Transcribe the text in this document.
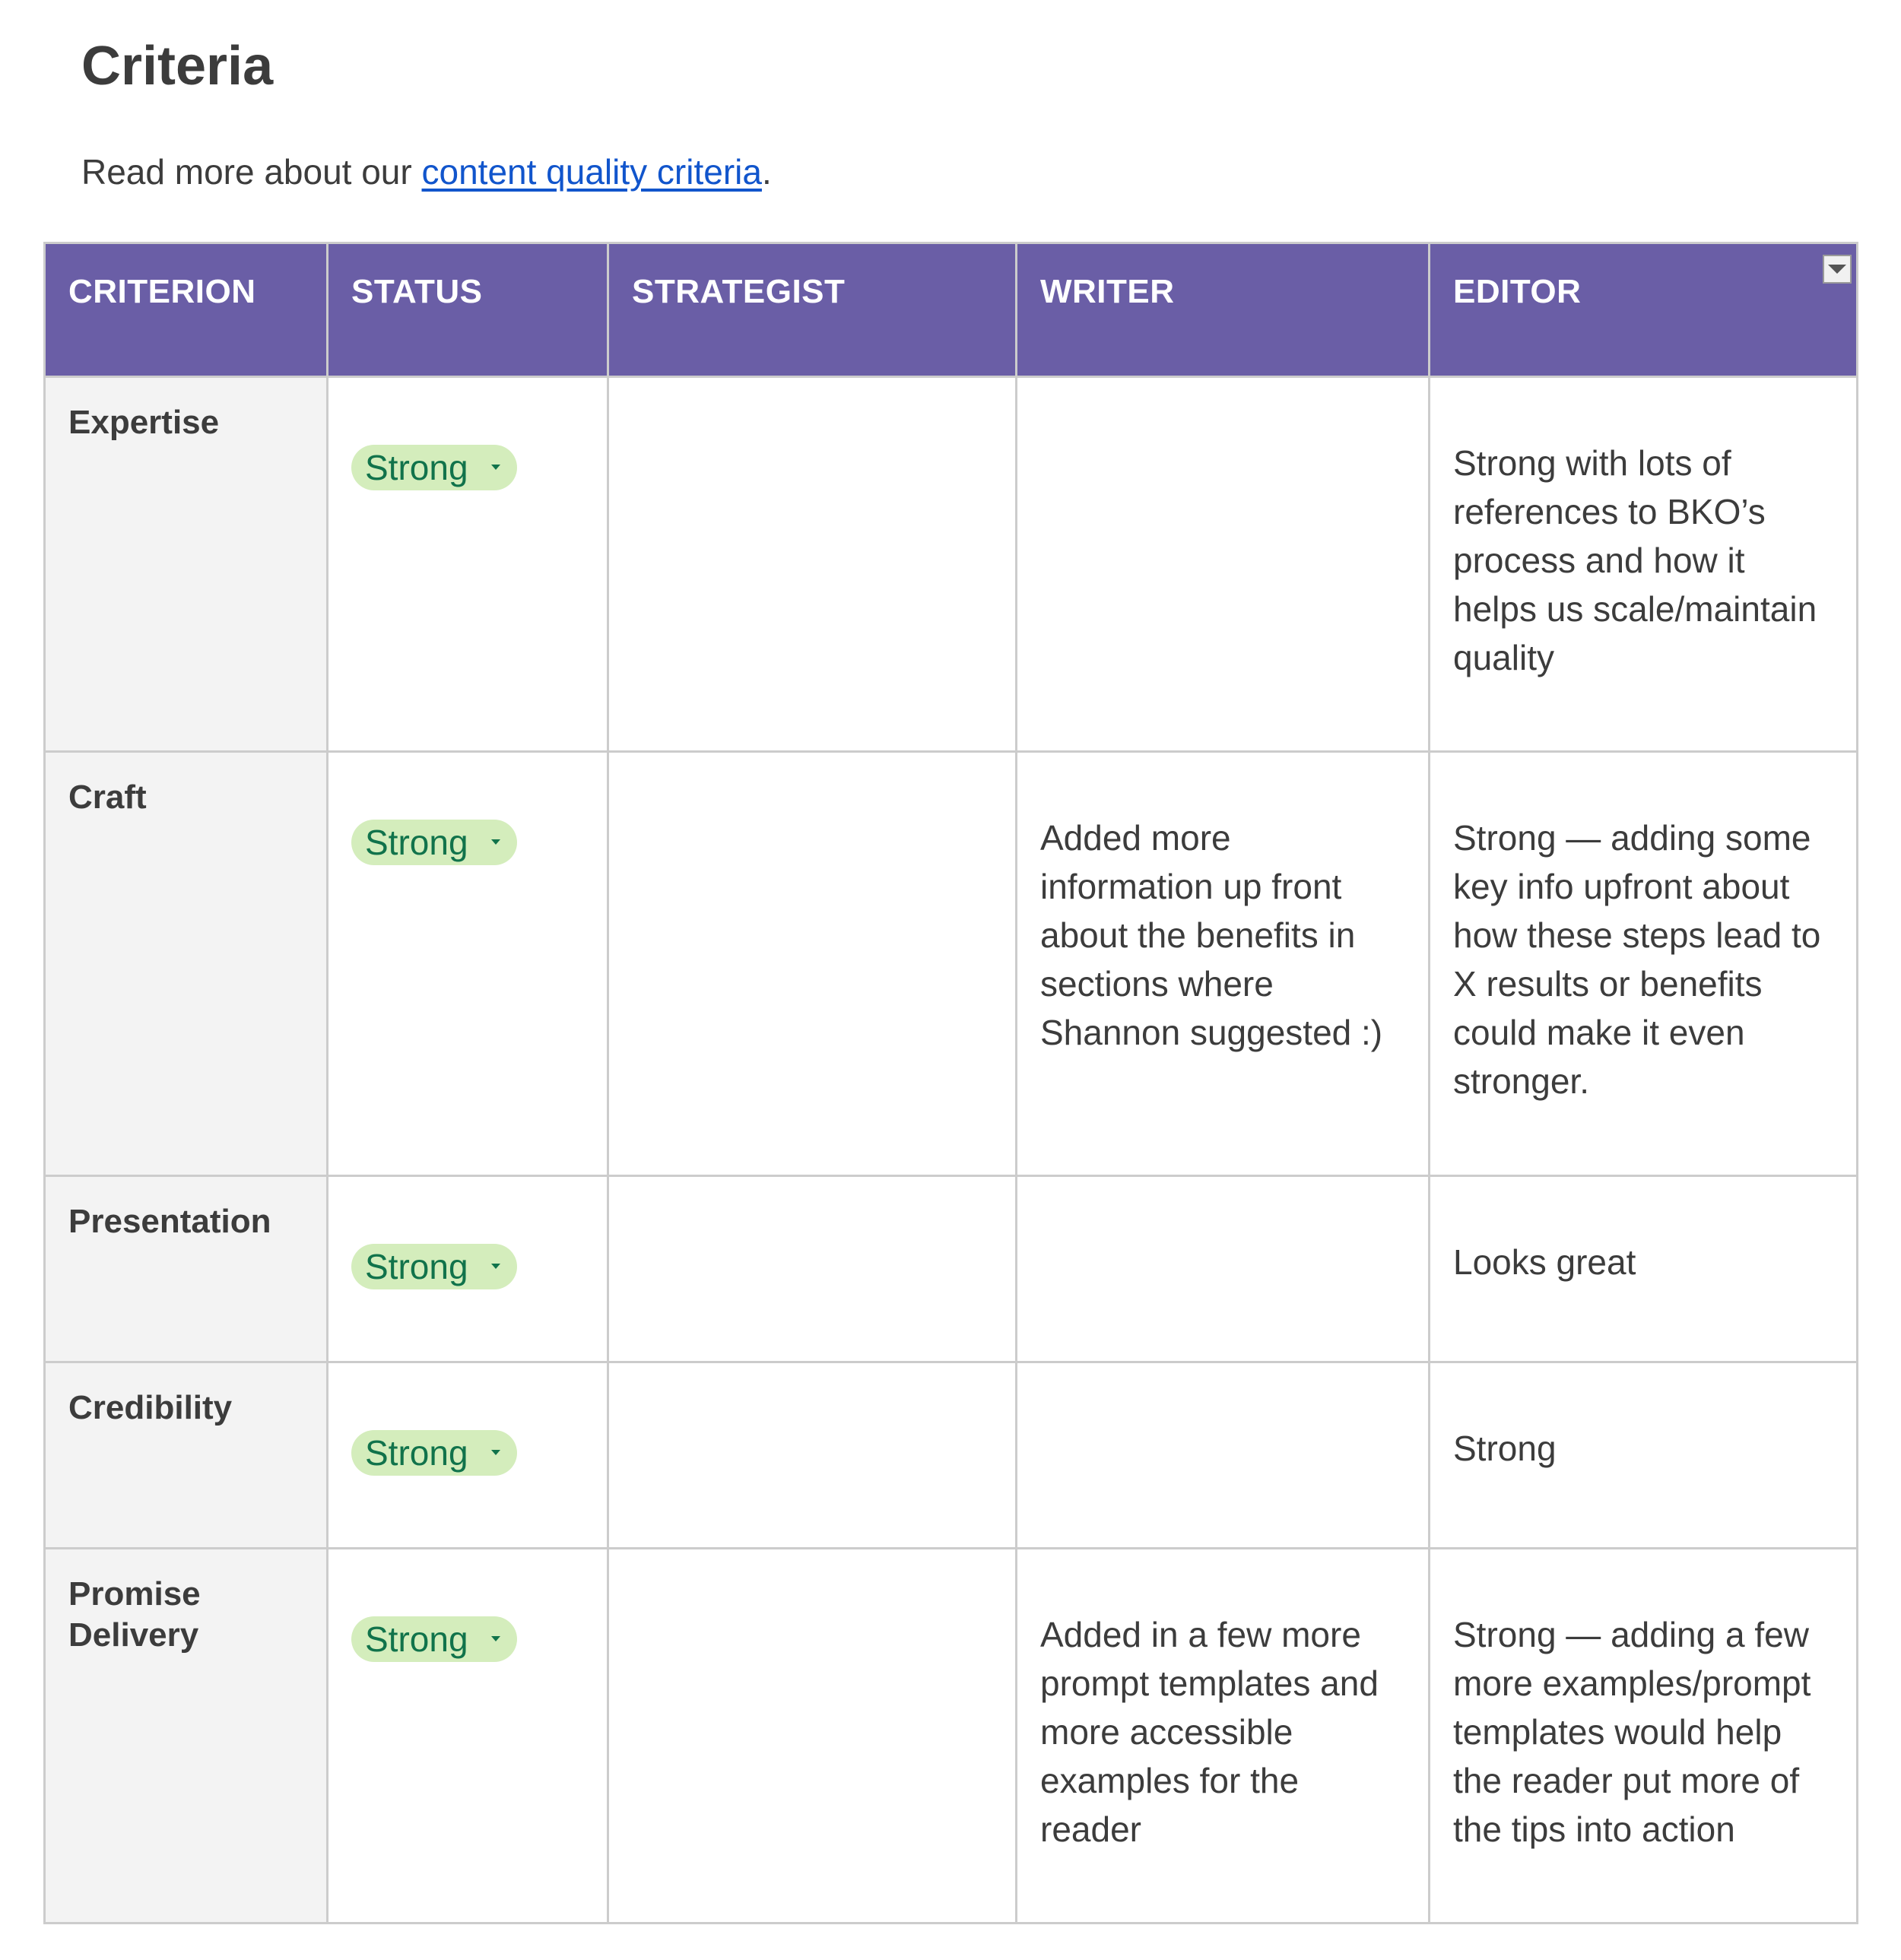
Criteria

Read more about our content quality criteria.

CRITERION	STATUS	STRATEGIST	WRITER	EDITOR

Expertise	Strong			Strong with lots of references to BKO’s process and how it helps us scale/maintain quality
Craft	Strong		Added more information up front about the benefits in sections where Shannon suggested :)	Strong — adding some key info upfront about how these steps lead to X results or benefits could make it even stronger.
Presentation	Strong			Looks great
Credibility	Strong			Strong
Promise Delivery	Strong		Added in a few more prompt templates and more accessible examples for the reader	Strong — adding a few more examples/prompt templates would help the reader put more of the tips into action
